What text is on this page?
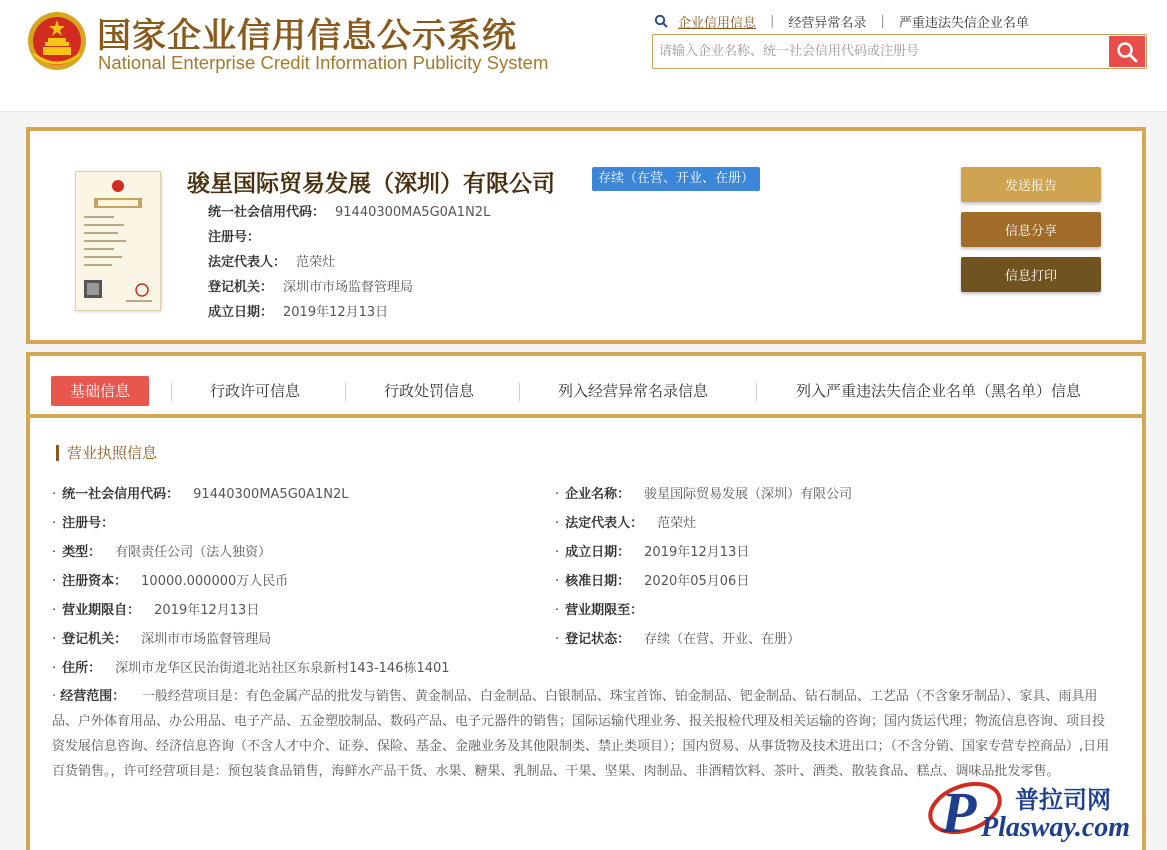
国家企业信用信息公示系统
National Enterprise Credit Information Publicity System
企业信用信息 | 经营异常名录 | 严重违法失信企业名单
请输入企业名称、统一社会信用代码或注册号
骏星国际贸易发展（深圳）有限公司	存续（在营、开业、在册）
统一社会信用代码： 91440300MA5G0A1N2L
注册号：
法定代表人： 范荣灶
登记机关： 深圳市市场监督管理局
成立日期： 2019年12月13日
发送报告
信息分享
信息打印
基础信息	行政许可信息	行政处罚信息	列入经营异常名录信息	列入严重违法失信企业名单（黑名单）信息
营业执照信息
· 统一社会信用代码： 91440300MA5G0A1N2L
· 注册号：
· 类型： 有限责任公司（法人独资）
· 注册资本： 10000.000000万人民币
· 营业期限自： 2019年12月13日
· 登记机关： 深圳市市场监督管理局
· 住所： 深圳市龙华区民治街道北站社区东泉新村143-146栋1401
· 企业名称： 骏星国际贸易发展（深圳）有限公司
· 法定代表人： 范荣灶
· 成立日期： 2019年12月13日
· 核准日期： 2020年05月06日
· 营业期限至：
· 登记状态： 存续（在营、开业、在册）
· 经营范围： 一般经营项目是：有色金属产品的批发与销售、黄金制品、白金制品、白银制品、珠宝首饰、铂金制品、钯金制品、钻石制品、工艺品（不含象牙制品）、家具、雨具用品、户外体育用品、办公用品、电子产品、五金塑胶制品、数码产品、电子元器件的销售；国际运输代理业务、报关报检代理及相关运输的咨询；国内货运代理；物流信息咨询、项目投资发展信息咨询、经济信息咨询（不含人才中介、证券、保险、基金、金融业务及其他限制类、禁止类项目）；国内贸易、从事货物及技术进出口；（不含分销、国家专营专控商品）,日用百货销售。，许可经营项目是：预包装食品销售，海鲜水产品干货、水果、糖果、乳制品、干果、坚果、肉制品、非酒精饮料、茶叶、酒类、散装食品、糕点、调味品批发零售。
P 普拉司网
Plasway.com
